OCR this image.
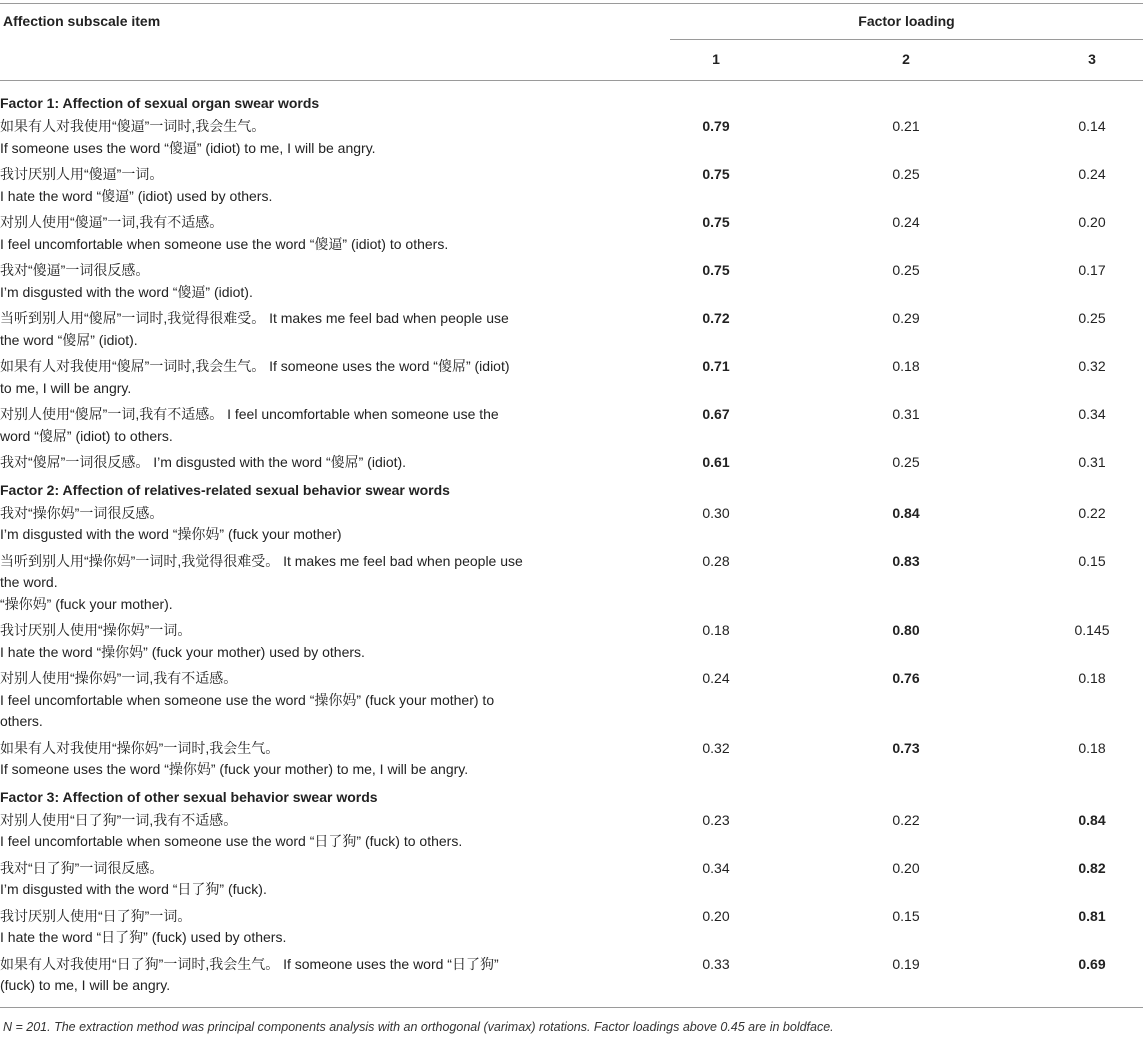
Affection subscale item	Factor loading
1	2	3
Factor 1: Affection of sexual organ swear words						

如果有人对我使用“傻逼”一词时,我会生气。
If someone uses the word “傻逼” (idiot) to me, I will be angry.	0.79		0.21		0.14	

我讨厌别人用“傻逼”一词。
I hate the word “傻逼” (idiot) used by others.	0.75		0.25		0.24	

对别人使用“傻逼”一词,我有不适感。
I feel uncomfortable when someone use the word “傻逼” (idiot) to others.	0.75		0.24		0.20	

我对“傻逼”一词很反感。
I’m disgusted with the word “傻逼” (idiot).	0.75		0.25		0.17	

当听到别人用“傻屌”一词时,我觉得很难受。 It makes me feel bad when people use
the word “傻屌” (idiot).	0.72		0.29		0.25	

如果有人对我使用“傻屌”一词时,我会生气。 If someone uses the word “傻屌” (idiot)
to me, I will be angry.	0.71		0.18		0.32	

对别人使用“傻屌”一词,我有不适感。 I feel uncomfortable when someone use the
word “傻屌” (idiot) to others.	0.67		0.31		0.34	

我对“傻屌”一词很反感。 I’m disgusted with the word “傻屌” (idiot).	0.61		0.25		0.31	

Factor 2: Affection of relatives-related sexual behavior swear words						

我对“操你妈”一词很反感。
I’m disgusted with the word “操你妈” (fuck your mother)	0.30		0.84		0.22	

当听到别人用“操你妈”一词时,我觉得很难受。 It makes me feel bad when people use
the word.
“操你妈” (fuck your mother).	0.28		0.83		0.15	

我讨厌别人使用“操你妈”一词。
I hate the word “操你妈” (fuck your mother) used by others.	0.18		0.80		0.145	

对别人使用“操你妈”一词,我有不适感。
I feel uncomfortable when someone use the word “操你妈” (fuck your mother) to
others.	0.24		0.76		0.18	

如果有人对我使用“操你妈”一词时,我会生气。
If someone uses the word “操你妈” (fuck your mother) to me, I will be angry.	0.32		0.73		0.18	

Factor 3: Affection of other sexual behavior swear words						

对别人使用“日了狗”一词,我有不适感。
I feel uncomfortable when someone use the word “日了狗” (fuck) to others.	0.23		0.22		0.84	

我对“日了狗”一词很反感。
I’m disgusted with the word “日了狗” (fuck).	0.34		0.20		0.82	

我讨厌别人使用“日了狗”一词。
I hate the word “日了狗” (fuck) used by others.	0.20		0.15		0.81	

如果有人对我使用“日了狗”一词时,我会生气。 If someone uses the word “日了狗”
(fuck) to me, I will be angry.	0.33		0.19		0.69	

N = 201. The extraction method was principal components analysis with an orthogonal (varimax) rotations. Factor loadings above 0.45 are in boldface.
